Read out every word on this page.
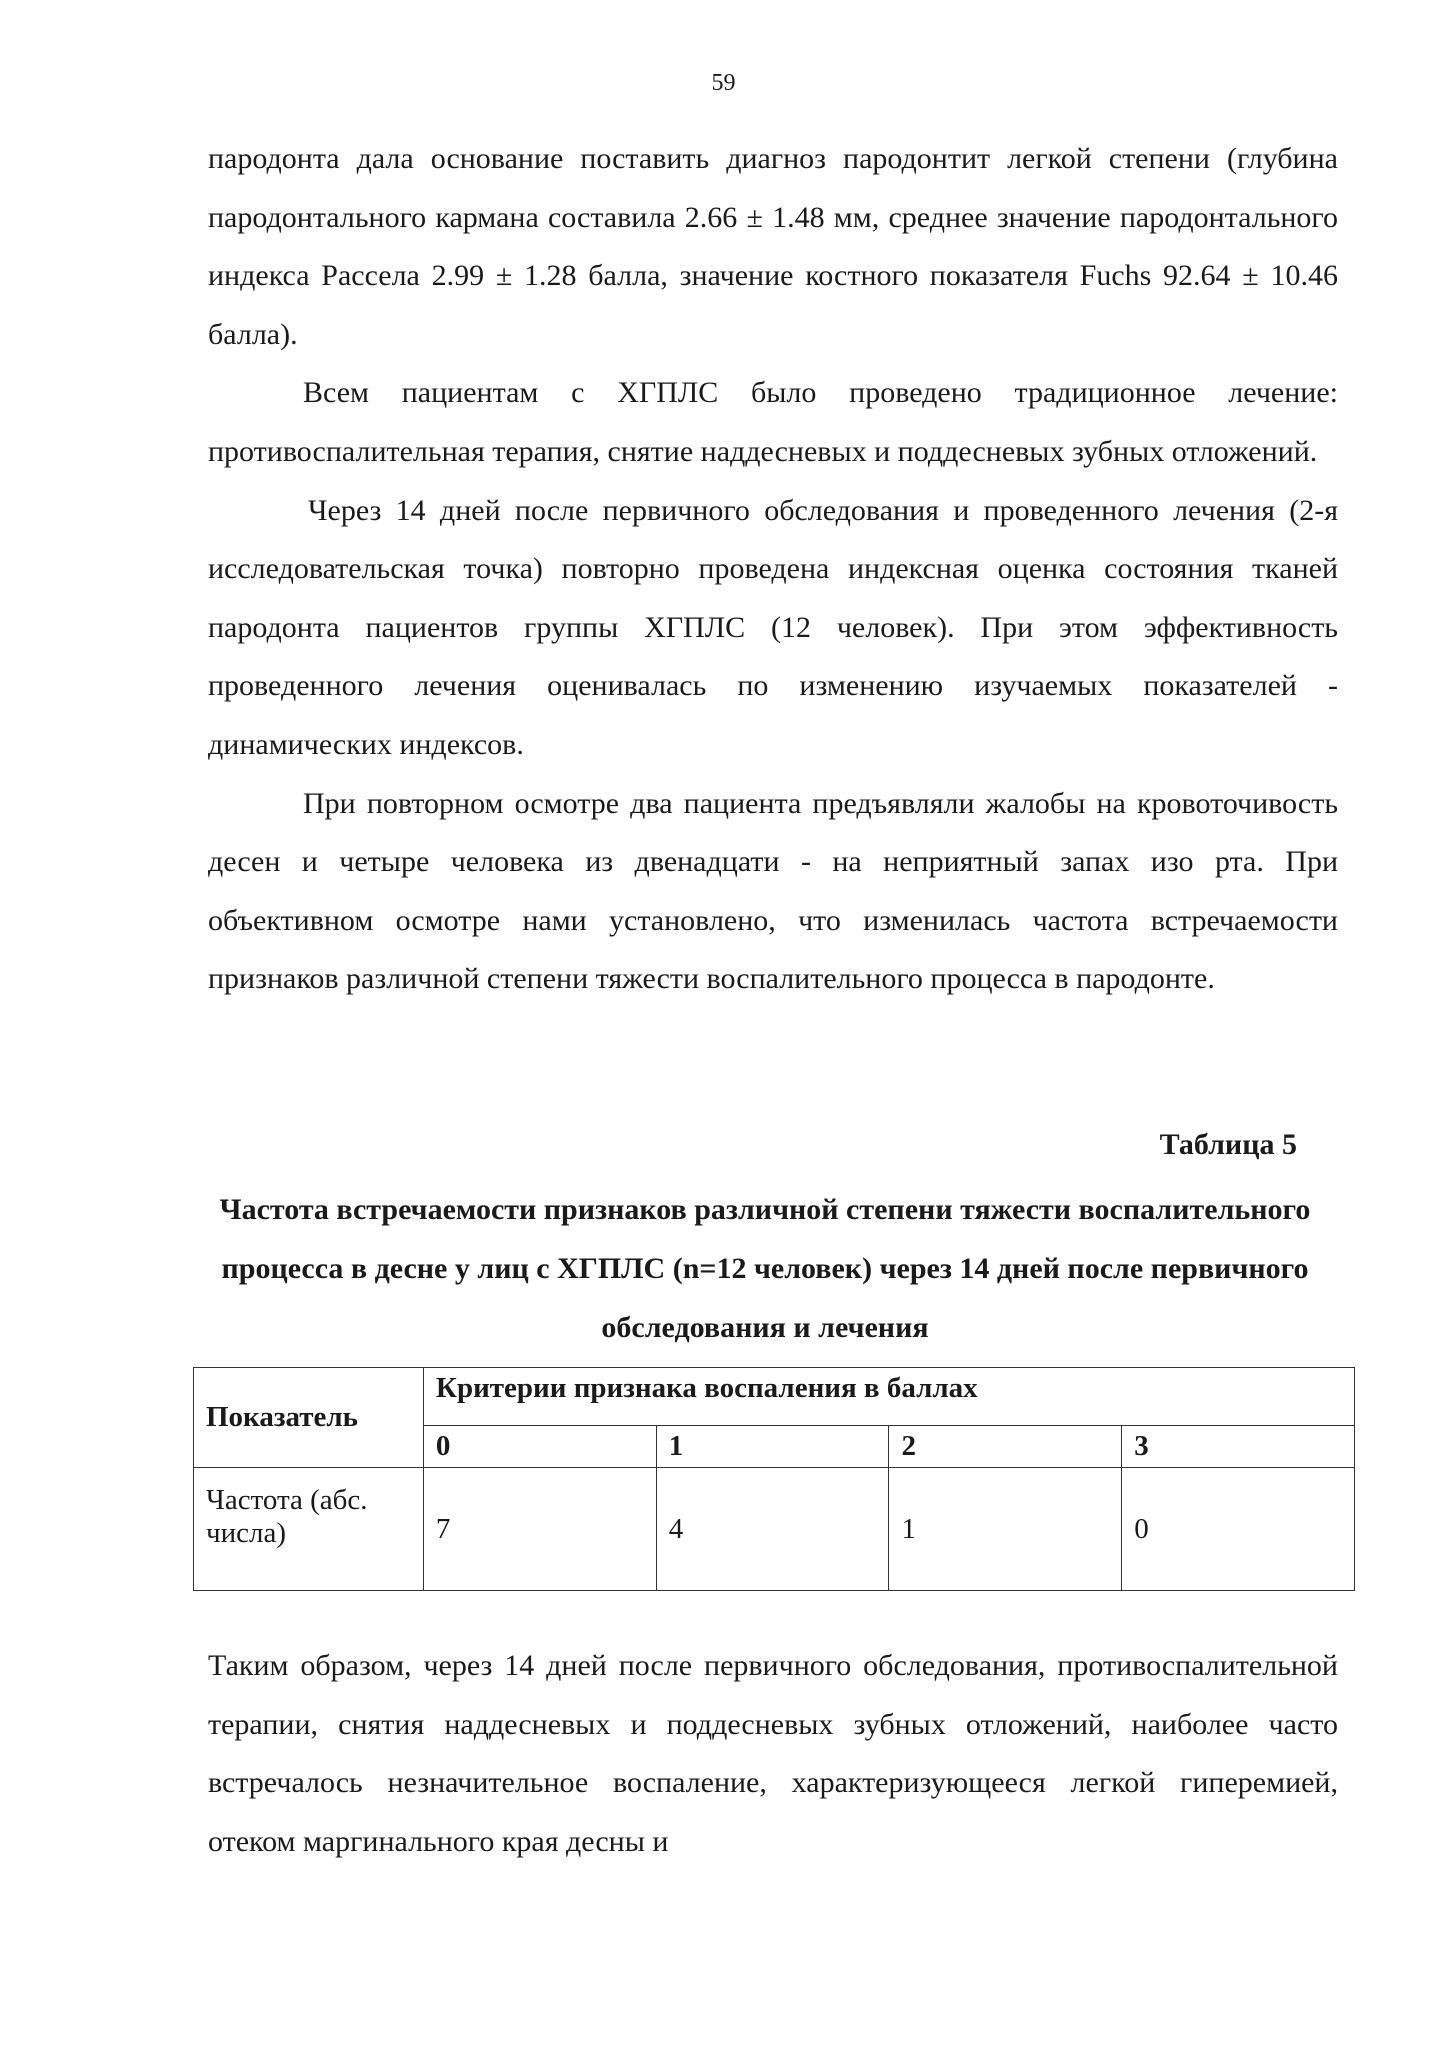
59

пародонта дала основание поставить диагноз пародонтит легкой степени (глубина пародонтального кармана составила 2.66 ± 1.48 мм, среднее значение пародонтального индекса Рассела 2.99 ± 1.28 балла, значение костного показателя Fuchs 92.64 ± 10.46 балла).

Всем пациентам с ХГПЛС было проведено традиционное лечение: противоспалительная терапия, снятие наддесневых и поддесневых зубных отложений.

Через 14 дней после первичного обследования и проведенного лечения (2-я исследовательская точка) повторно проведена индексная оценка состояния тканей пародонта пациентов группы ХГПЛС (12 человек). При этом эффективность проведенного лечения оценивалась по изменению изучаемых показателей - динамических индексов.

При повторном осмотре два пациента предъявляли жалобы на кровоточивость десен и четыре человека из двенадцати - на неприятный запах изо рта. При объективном осмотре нами установлено, что изменилась частота встречаемости признаков различной степени тяжести воспалительного процесса в пародонте.

Таблица 5
Частота встречаемости признаков различной степени тяжести воспалительного процесса в десне у лиц с ХГПЛС (n=12 человек) через 14 дней после первичного обследования и лечения
Показатель	Критерии признака воспаления в баллах			
	0	1	2	3
Частота (абс. числа)	7	4	1	0

Таким образом, через 14 дней после первичного обследования, противоспалительной терапии, снятия наддесневых и поддесневых зубных отложений, наиболее часто встречалось незначительное воспаление, характеризующееся легкой гиперемией, отеком маргинального края десны и
